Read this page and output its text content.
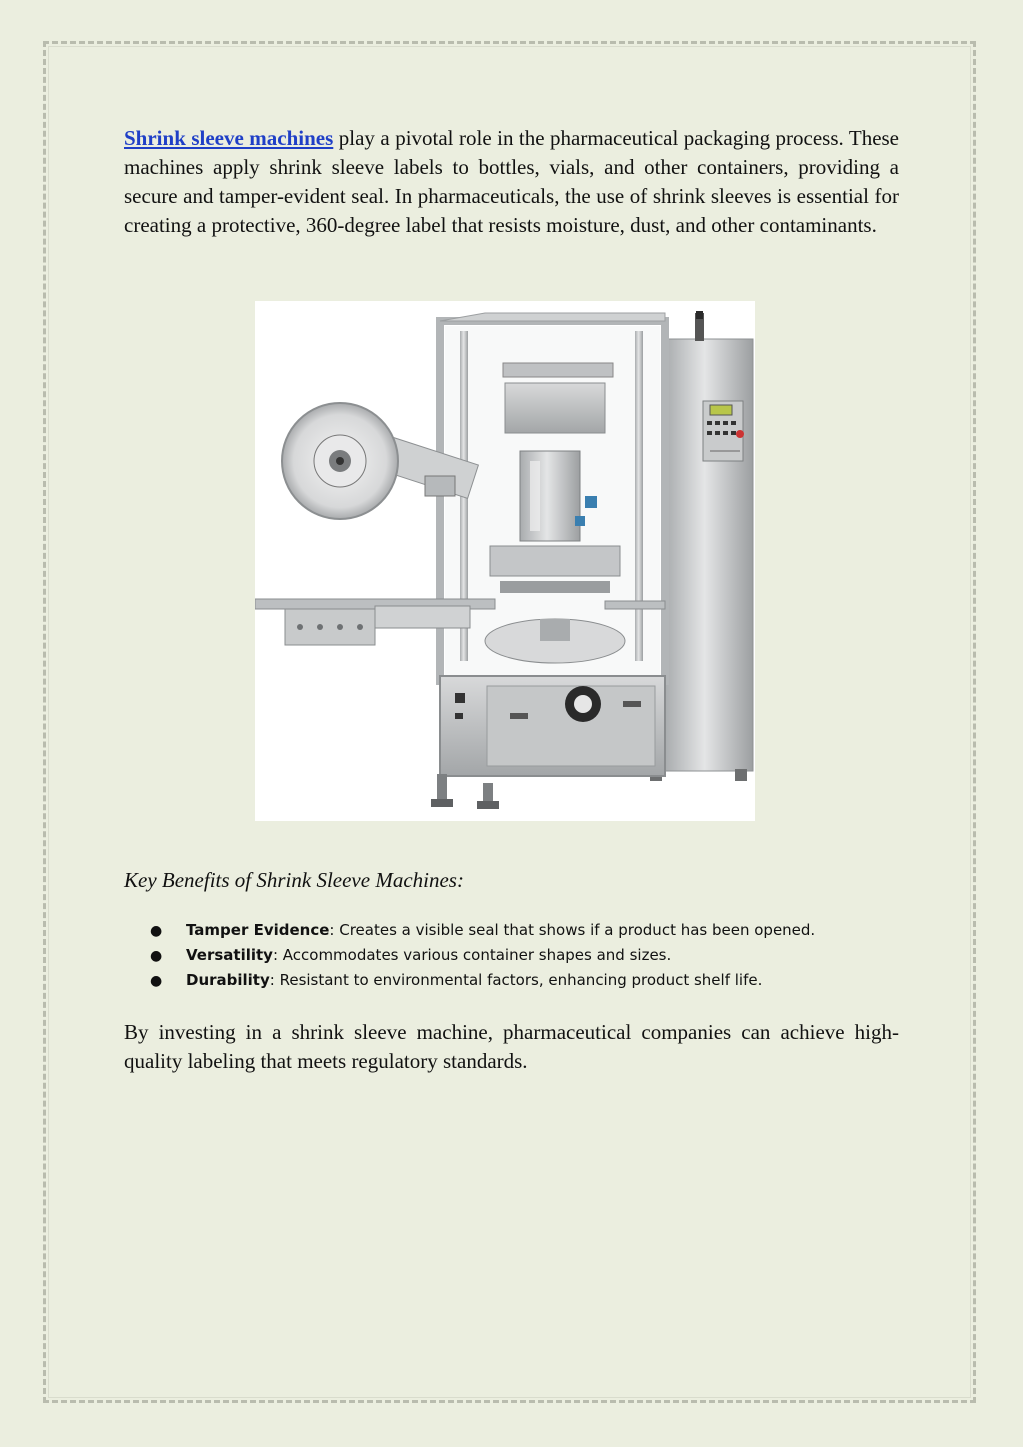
Shrink sleeve machines play a pivotal role in the pharmaceutical packaging process. These machines apply shrink sleeve labels to bottles, vials, and other containers, providing a secure and tamper-evident seal. In pharmaceuticals, the use of shrink sleeves is essential for creating a protective, 360-degree label that resists moisture, dust, and other contaminants.

Key Benefits of Shrink Sleeve Machines:

● Tamper Evidence: Creates a visible seal that shows if a product has been opened.
● Versatility: Accommodates various container shapes and sizes.
● Durability: Resistant to environmental factors, enhancing product shelf life.

By investing in a shrink sleeve machine, pharmaceutical companies can achieve high-quality labeling that meets regulatory standards.
